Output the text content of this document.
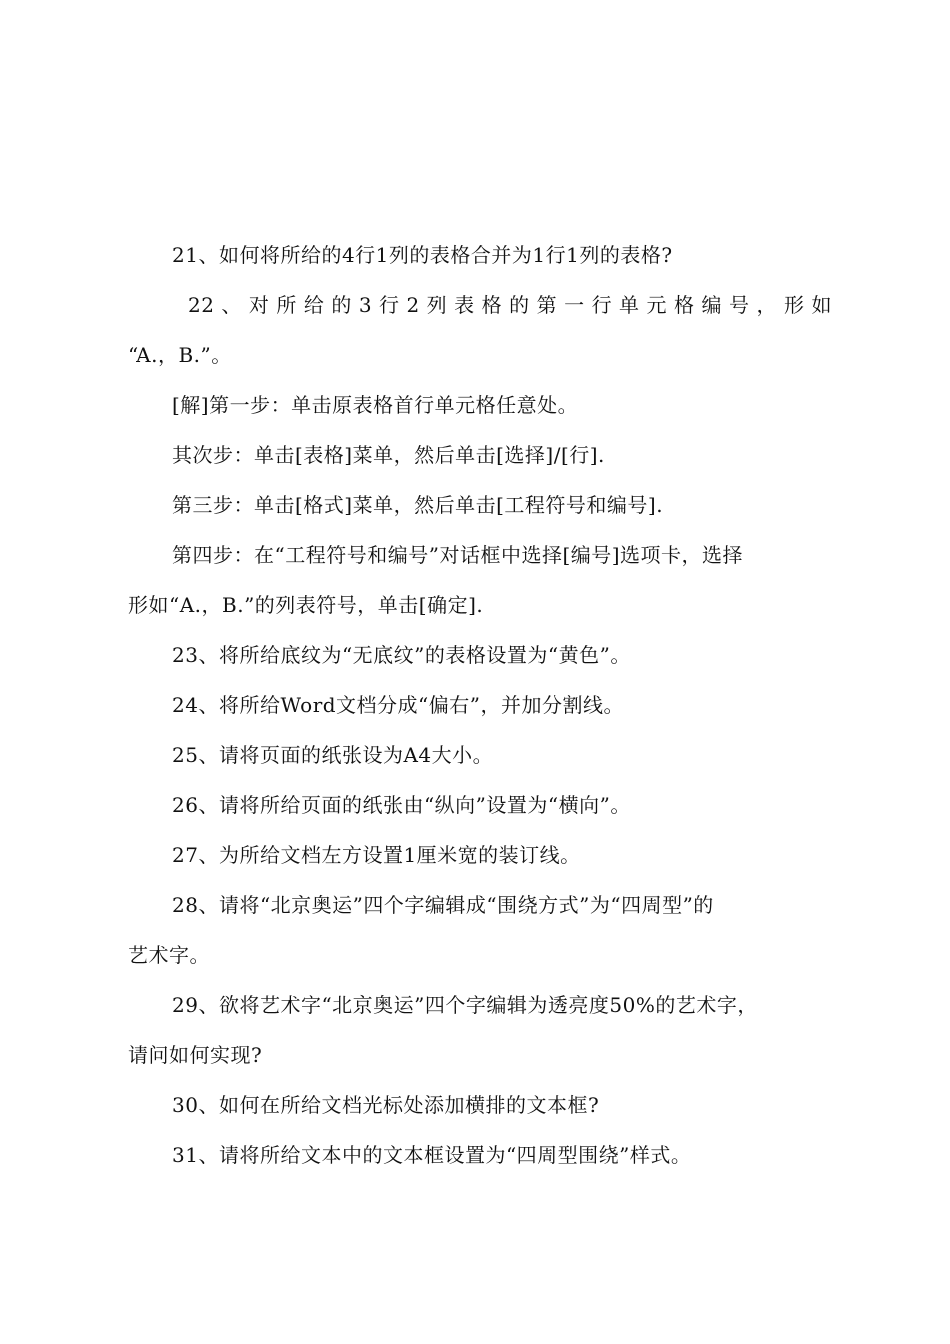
21、如何将所给的4行1列的表格合并为1行1列的表格?
22 、 对 所 给 的 3 行 2 列 表 格 的 第 一 行 单 元 格 编 号 ， 形 如
“A.，B.”。
[解]第一步：单击原表格首行单元格任意处。
其次步：单击[表格]菜单，然后单击[选择]/[行].
第三步：单击[格式]菜单，然后单击[工程符号和编号].
第四步：在“工程符号和编号”对话框中选择[编号]选项卡，选择
形如“A.，B.”的列表符号，单击[确定].
23、将所给底纹为“无底纹”的表格设置为“黄色”。
24、将所给Word文档分成“偏右”，并加分割线。
25、请将页面的纸张设为A4大小。
26、请将所给页面的纸张由“纵向”设置为“横向”。
27、为所给文档左方设置1厘米宽的装订线。
28、请将“北京奥运”四个字编辑成“围绕方式”为“四周型”的
艺术字。
29、欲将艺术字“北京奥运”四个字编辑为透亮度50%的艺术字，
请问如何实现?
30、如何在所给文档光标处添加横排的文本框?
31、请将所给文本中的文本框设置为“四周型围绕”样式。
